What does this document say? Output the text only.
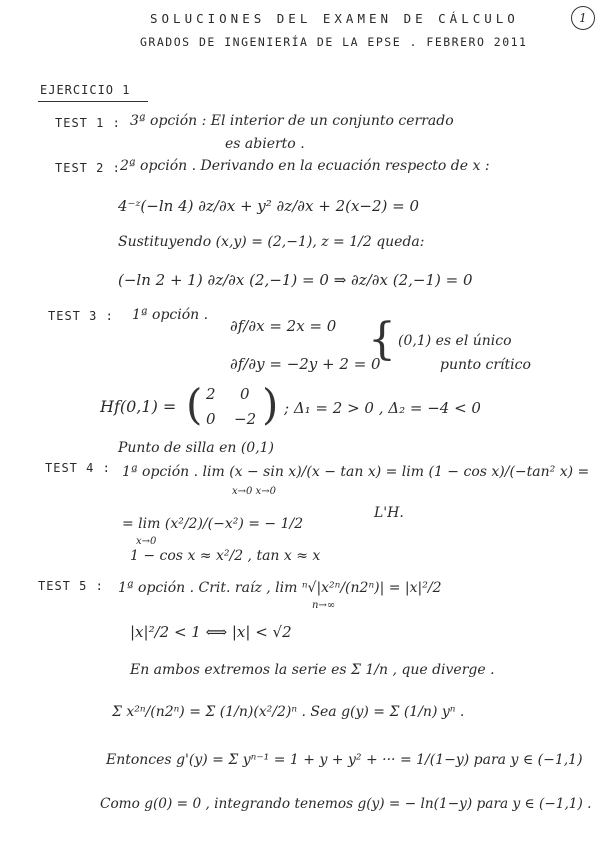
SOLUCIONES DEL EXAMEN DE CÁLCULO	1
GRADOS DE INGENIERÍA DE LA EPSE . FEBRERO 2011
EJERCICIO 1
TEST 1 : 3ª opción : El interior de un conjunto cerrado
es abierto .
TEST 2 : 2ª opción . Derivando en la ecuación respecto de x :
4⁻ᶻ(−ln 4) ∂z/∂x + y² ∂z/∂x + 2(x−2) = 0
Sustituyendo (x,y) = (2,−1), z = 1/2 queda:
(−ln 2 + 1) ∂z/∂x (2,−1) = 0 ⇒ ∂z/∂x (2,−1) = 0
TEST 3 : 1ª opción .
∂f/∂x = 2x = 0
∂f/∂y = −2y + 2 = 0
{ (0,1) es el único
punto crítico
Hf(0,1) = ( 2 0
0 −2 ) ; Δ₁ = 2 > 0 , Δ₂ = −4 < 0
Punto de silla en (0,1)
TEST 4 : 1ª opción . lim (x − sin x)/(x − tan x) = lim (1 − cos x)/(−tan² x) =
x→0 x→0
L'H.
= lim (x²/2)/(−x²) = − 1/2
x→0
1 − cos x ≈ x²/2 , tan x ≈ x
TEST 5 : 1ª opción . Crit. raíz , lim ⁿ√|x²ⁿ/(n2ⁿ)| = |x|²/2
n→∞
|x|²/2 < 1 ⟺ |x| < √2
En ambos extremos la serie es Σ 1/n , que diverge .
Σ x²ⁿ/(n2ⁿ) = Σ (1/n)(x²/2)ⁿ . Sea g(y) = Σ (1/n) yⁿ .
Entonces g'(y) = Σ yⁿ⁻¹ = 1 + y + y² + ··· = 1/(1−y) para y ∈ (−1,1)
Como g(0) = 0 , integrando tenemos g(y) = − ln(1−y) para y ∈ (−1,1) .
